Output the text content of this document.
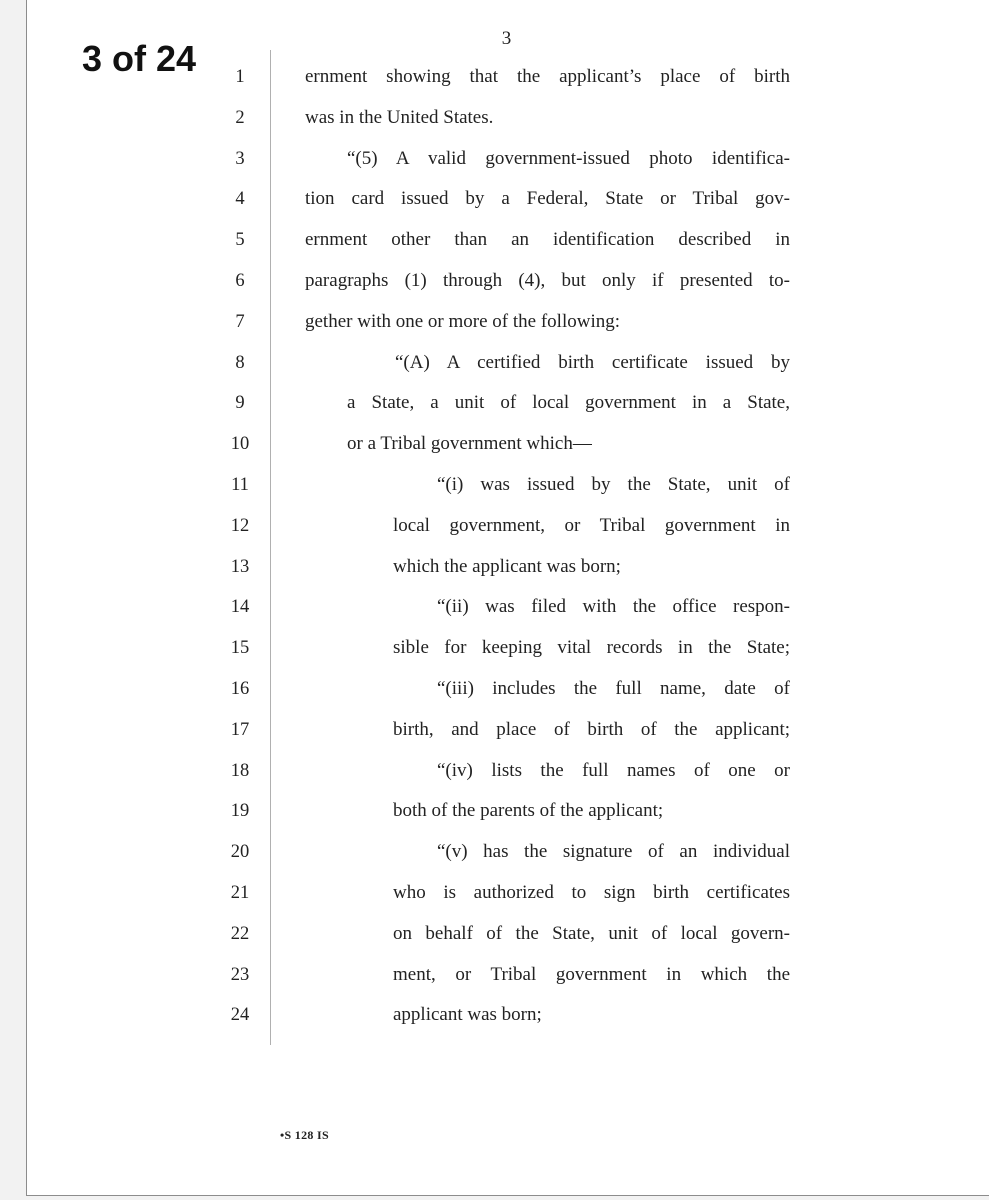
3 of 24	3
1	ernment showing that the applicant’s place of birth
2	was in the United States.
3	“(5) A valid government-issued photo identifica-
4	tion card issued by a Federal, State or Tribal gov-
5	ernment other than an identification described in
6	paragraphs (1) through (4), but only if presented to-
7	gether with one or more of the following:
8	“(A) A certified birth certificate issued by
9	a State, a unit of local government in a State,
10	or a Tribal government which—
11	“(i) was issued by the State, unit of
12	local government, or Tribal government in
13	which the applicant was born;
14	“(ii) was filed with the office respon-
15	sible for keeping vital records in the State;
16	“(iii) includes the full name, date of
17	birth, and place of birth of the applicant;
18	“(iv) lists the full names of one or
19	both of the parents of the applicant;
20	“(v) has the signature of an individual
21	who is authorized to sign birth certificates
22	on behalf of the State, unit of local govern-
23	ment, or Tribal government in which the
24	applicant was born;
•S 128 IS
